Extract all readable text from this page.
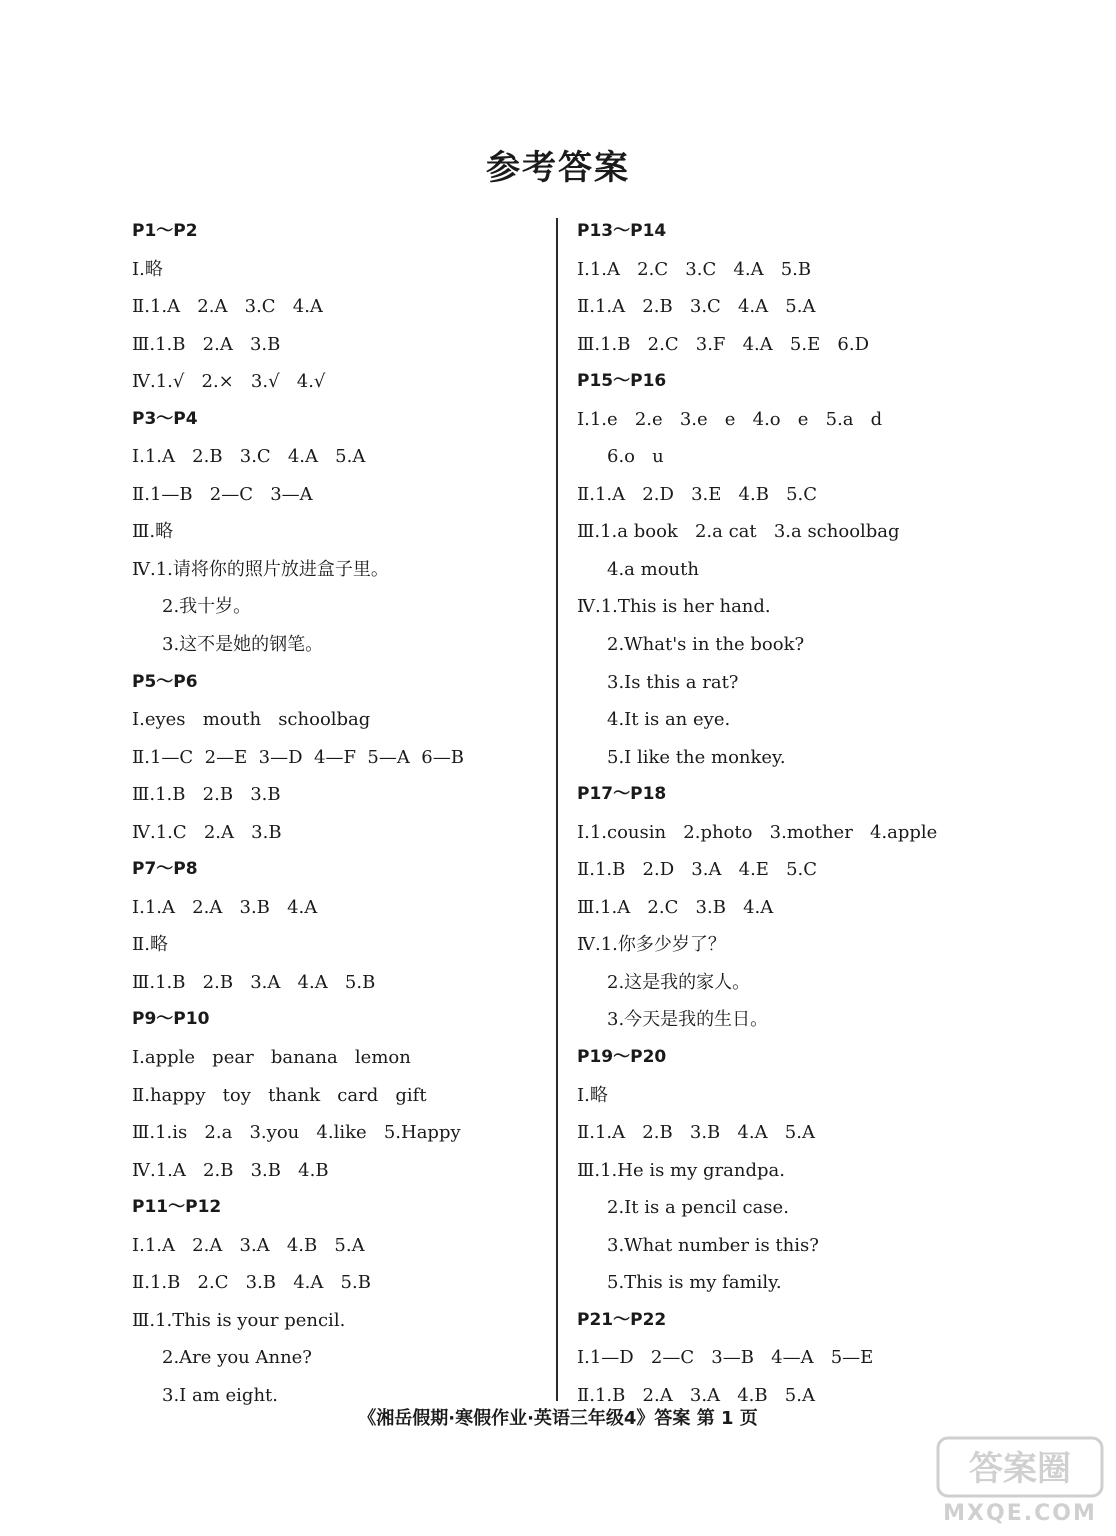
参考答案
P1～P2
Ⅰ.略
Ⅱ.1.A   2.A   3.C   4.A
Ⅲ.1.B   2.A   3.B
Ⅳ.1.√   2.×   3.√   4.√
P3～P4
Ⅰ.1.A   2.B   3.C   4.A   5.A
Ⅱ.1—B   2—C   3—A
Ⅲ.略
Ⅳ.1.请将你的照片放进盒子里。
2.我十岁。
3.这不是她的钢笔。
P5～P6
Ⅰ.eyes   mouth   schoolbag
Ⅱ.1—C  2—E  3—D  4—F  5—A  6—B
Ⅲ.1.B   2.B   3.B
Ⅳ.1.C   2.A   3.B
P7～P8
Ⅰ.1.A   2.A   3.B   4.A
Ⅱ.略
Ⅲ.1.B   2.B   3.A   4.A   5.B
P9～P10
Ⅰ.apple   pear   banana   lemon
Ⅱ.happy   toy   thank   card   gift
Ⅲ.1.is   2.a   3.you   4.like   5.Happy
Ⅳ.1.A   2.B   3.B   4.B
P11～P12
Ⅰ.1.A   2.A   3.A   4.B   5.A
Ⅱ.1.B   2.C   3.B   4.A   5.B
Ⅲ.1.This is your pencil.
2.Are you Anne?
3.I am eight.
P13～P14
Ⅰ.1.A   2.C   3.C   4.A   5.B
Ⅱ.1.A   2.B   3.C   4.A   5.A
Ⅲ.1.B   2.C   3.F   4.A   5.E   6.D
P15～P16
Ⅰ.1.e   2.e   3.e   e   4.o   e   5.a   d
6.o   u
Ⅱ.1.A   2.D   3.E   4.B   5.C
Ⅲ.1.a book   2.a cat   3.a schoolbag
4.a mouth
Ⅳ.1.This is her hand.
2.What's in the book?
3.Is this a rat?
4.It is an eye.
5.I like the monkey.
P17～P18
Ⅰ.1.cousin   2.photo   3.mother   4.apple
Ⅱ.1.B   2.D   3.A   4.E   5.C
Ⅲ.1.A   2.C   3.B   4.A
Ⅳ.1.你多少岁了？
2.这是我的家人。
3.今天是我的生日。
P19～P20
Ⅰ.略
Ⅱ.1.A   2.B   3.B   4.A   5.A
Ⅲ.1.He is my grandpa.
2.It is a pencil case.
3.What number is this?
5.This is my family.
P21～P22
Ⅰ.1—D   2—C   3—B   4—A   5—E
Ⅱ.1.B   2.A   3.A   4.B   5.A
《湘岳假期·寒假作业·英语三年级4》答案 第 1 页
答案圈
MXQE.COM
